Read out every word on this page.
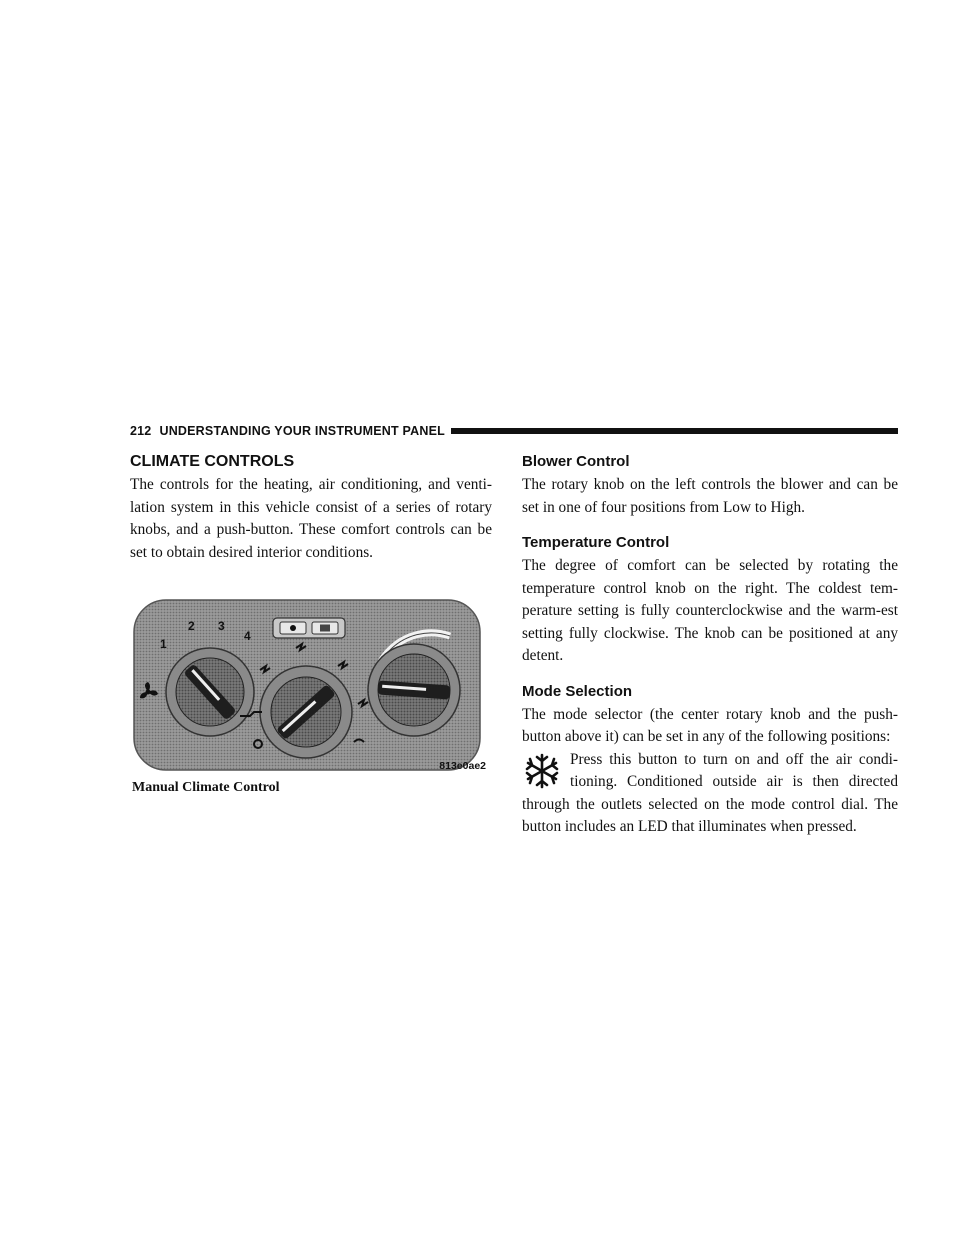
212 UNDERSTANDING YOUR INSTRUMENT PANEL
CLIMATE CONTROLS

The controls for the heating, air conditioning, and venti-lation system in this vehicle consist of a series of rotary knobs, and a push-button. These comfort controls can be set to obtain desired interior conditions.

1
2 3
4
813e0ae2
Manual Climate Control
Blower Control

The rotary knob on the left controls the blower and can be set in one of four positions from Low to High.

Temperature Control

The degree of comfort can be selected by rotating the temperature control knob on the right. The coldest tem-perature setting is fully counterclockwise and the warm-est setting fully clockwise. The knob can be positioned at any detent.

Mode Selection

The mode selector (the center rotary knob and the push-button above it) can be set in any of the following positions:

Press this button to turn on and off the air condi-tioning. Conditioned outside air is then directed through the outlets selected on the mode control dial. The button includes an LED that illuminates when pressed.
